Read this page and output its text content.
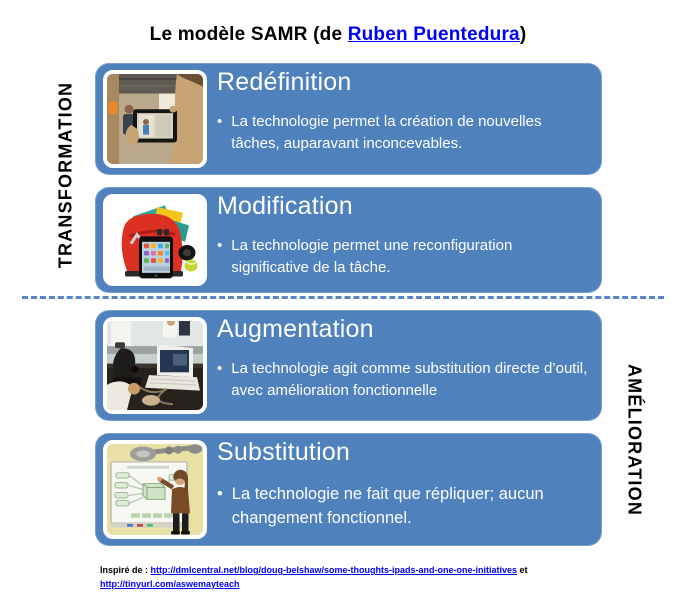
Le modèle SAMR (de Ruben Puentedura)
TRANSFORMATION
AMÉLIORATION
Redéfinition
• La technologie permet la création de nouvelles tâches, auparavant inconcevables.
Modification
• La technologie permet une reconfiguration significative de la tâche.
Augmentation
• La technologie agit comme substitution directe d’outil, avec amélioration fonctionnelle
Substitution
• La technologie ne fait que répliquer; aucun changement fonctionnel.
Inspiré de : http://dmlcentral.net/blog/doug-belshaw/some-thoughts-ipads-and-one-one-initiatives et
http://tinyurl.com/aswemayteach
